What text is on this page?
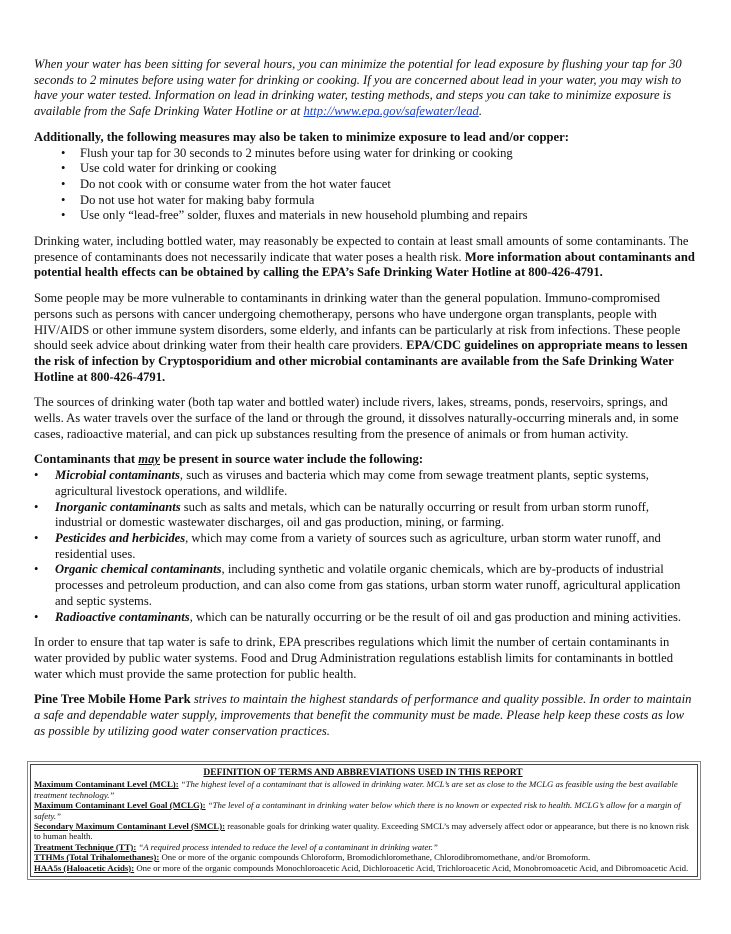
When your water has been sitting for several hours, you can minimize the potential for lead exposure by flushing your tap for 30 seconds to 2 minutes before using water for drinking or cooking. If you are concerned about lead in your water, you may wish to have your water tested. Information on lead in drinking water, testing methods, and steps you can take to minimize exposure is available from the Safe Drinking Water Hotline or at http://www.epa.gov/safewater/lead.

Additionally, the following measures may also be taken to minimize exposure to lead and/or copper:

• Flush your tap for 30 seconds to 2 minutes before using water for drinking or cooking
• Use cold water for drinking or cooking
• Do not cook with or consume water from the hot water faucet
• Do not use hot water for making baby formula
• Use only “lead-free” solder, fluxes and materials in new household plumbing and repairs

Drinking water, including bottled water, may reasonably be expected to contain at least small amounts of some contaminants. The presence of contaminants does not necessarily indicate that water poses a health risk. More information about contaminants and potential health effects can be obtained by calling the EPA’s Safe Drinking Water Hotline at 800-426-4791.

Some people may be more vulnerable to contaminants in drinking water than the general population. Immuno-compromised persons such as persons with cancer undergoing chemotherapy, persons who have undergone organ transplants, people with HIV/AIDS or other immune system disorders, some elderly, and infants can be particularly at risk from infections. These people should seek advice about drinking water from their health care providers. EPA/CDC guidelines on appropriate means to lessen the risk of infection by Cryptosporidium and other microbial contaminants are available from the Safe Drinking Water Hotline at 800-426-4791.

The sources of drinking water (both tap water and bottled water) include rivers, lakes, streams, ponds, reservoirs, springs, and wells. As water travels over the surface of the land or through the ground, it dissolves naturally-occurring minerals and, in some cases, radioactive material, and can pick up substances resulting from the presence of animals or from human activity.

Contaminants that may be present in source water include the following:

• Microbial contaminants, such as viruses and bacteria which may come from sewage treatment plants, septic systems, agricultural livestock operations, and wildlife.
• Inorganic contaminants such as salts and metals, which can be naturally occurring or result from urban storm runoff, industrial or domestic wastewater discharges, oil and gas production, mining, or farming.
• Pesticides and herbicides, which may come from a variety of sources such as agriculture, urban storm water runoff, and residential uses.
• Organic chemical contaminants, including synthetic and volatile organic chemicals, which are by-products of industrial processes and petroleum production, and can also come from gas stations, urban storm water runoff, agricultural application and septic systems.
• Radioactive contaminants, which can be naturally occurring or be the result of oil and gas production and mining activities.

In order to ensure that tap water is safe to drink, EPA prescribes regulations which limit the number of certain contaminants in water provided by public water systems. Food and Drug Administration regulations establish limits for contaminants in bottled water which must provide the same protection for public health.

Pine Tree Mobile Home Park strives to maintain the highest standards of performance and quality possible. In order to maintain a safe and dependable water supply, improvements that benefit the community must be made. Please help keep these costs as low as possible by utilizing good water conservation practices.

DEFINITION OF TERMS AND ABBREVIATIONS USED IN THIS REPORT
Maximum Contaminant Level (MCL): “The highest level of a contaminant that is allowed in drinking water. MCL’s are set as close to the MCLG as feasible using the best available treatment technology.”
Maximum Contaminant Level Goal (MCLG): “The level of a contaminant in drinking water below which there is no known or expected risk to health. MCLG’s allow for a margin of safety.”
Secondary Maximum Contaminant Level (SMCL): reasonable goals for drinking water quality. Exceeding SMCL’s may adversely affect odor or appearance, but there is no known risk to human health.
Treatment Technique (TT): “A required process intended to reduce the level of a contaminant in drinking water.”
TTHMs (Total Trihalomethanes): One or more of the organic compounds Chloroform, Bromodichloromethane, Chlorodibromomethane, and/or Bromoform.
HAA5s (Haloacetic Acids): One or more of the organic compounds Monochloroacetic Acid, Dichloroacetic Acid, Trichloroacetic Acid, Monobromoacetic Acid, and Dibromoacetic Acid.
